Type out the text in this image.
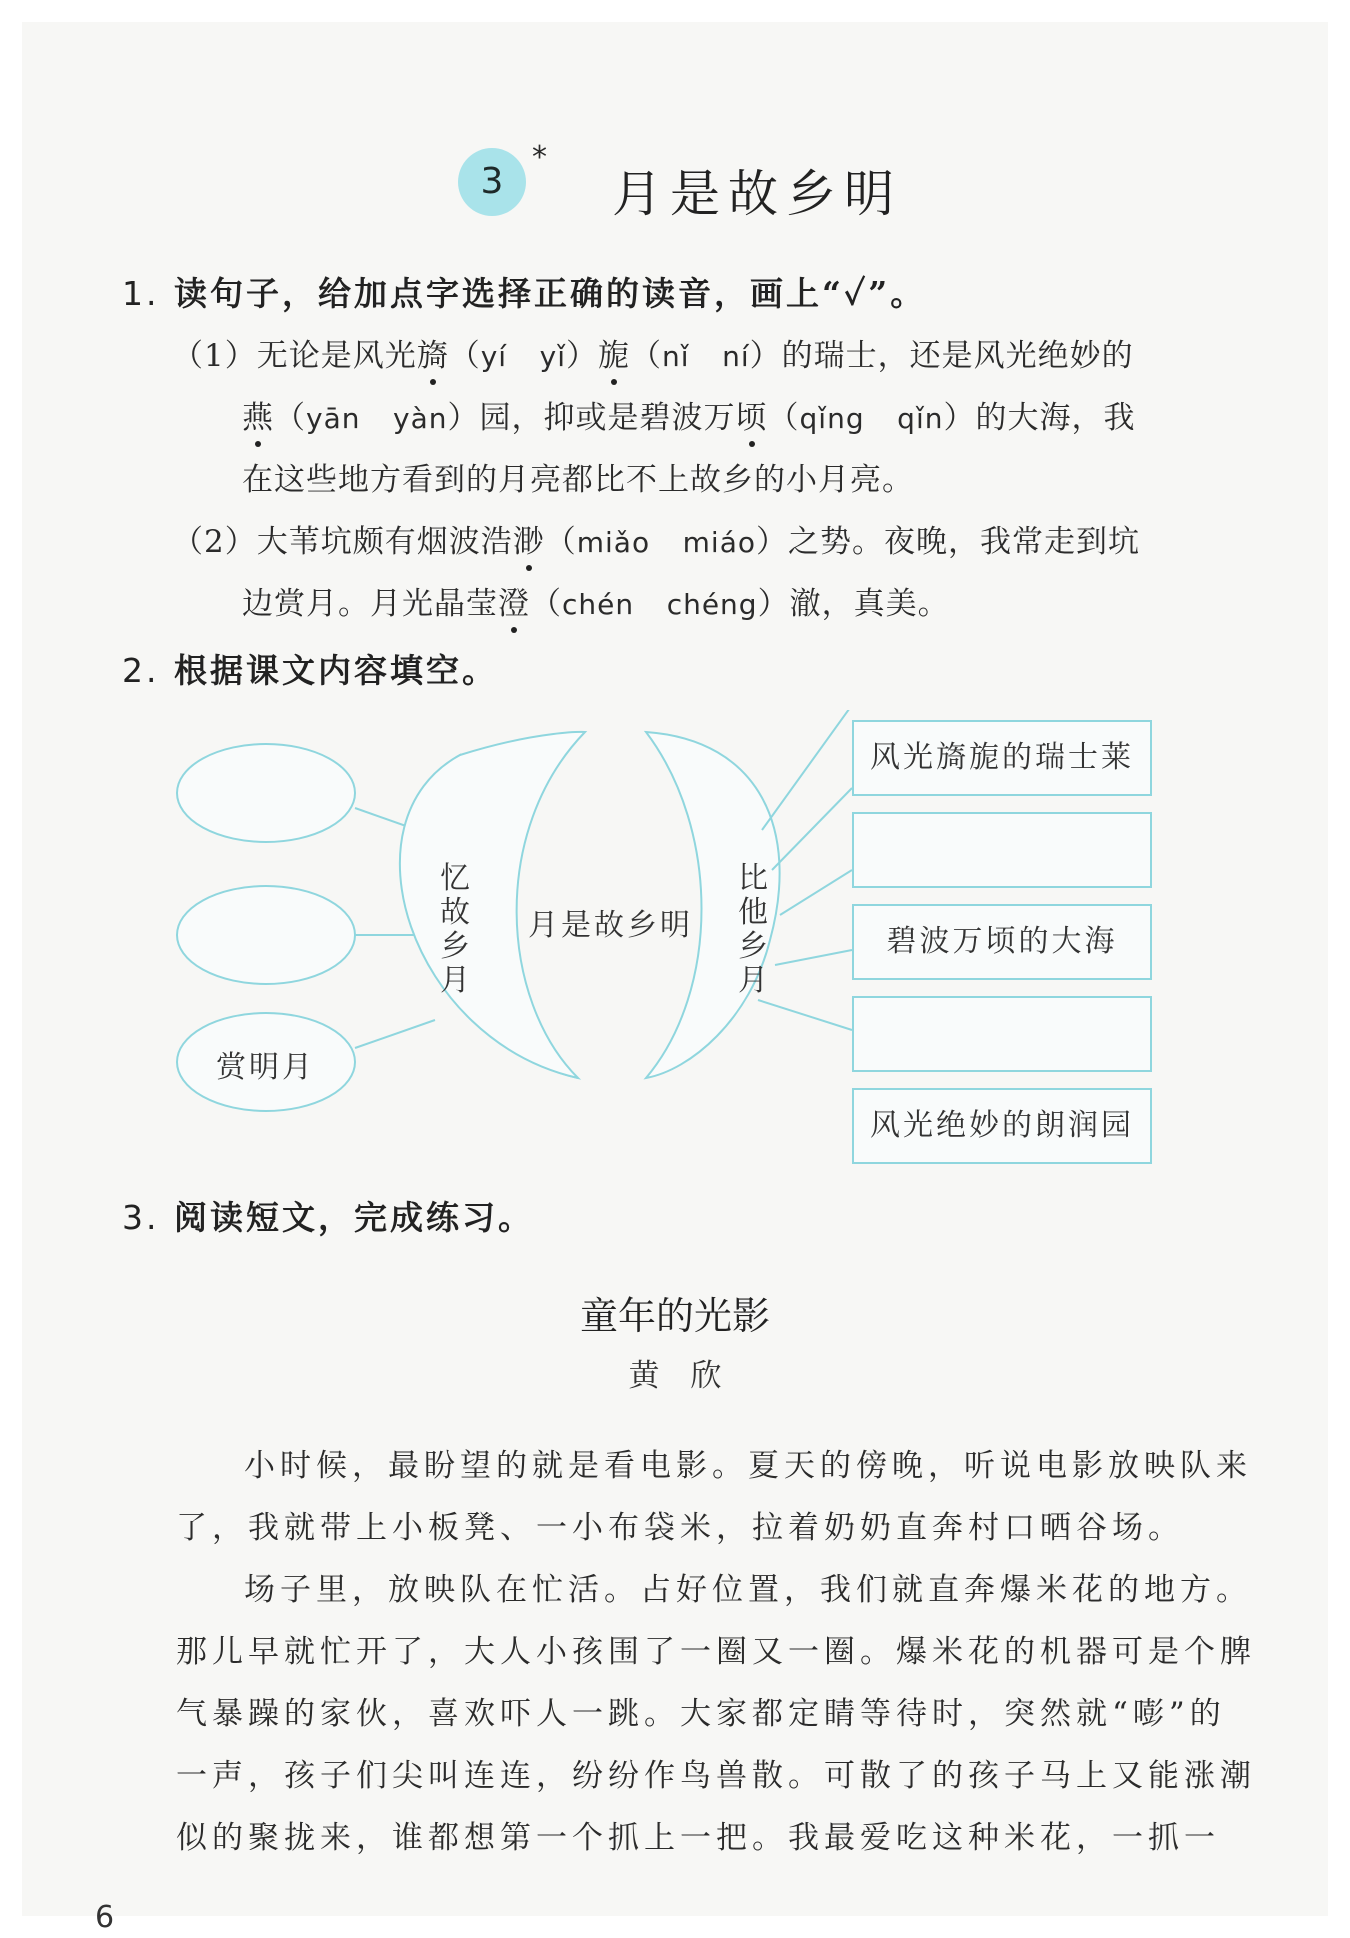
3
*
月是故乡明
1. 读句子，给加点字选择正确的读音，画上“✓”。
（1）无论是风光旖（yí yǐ）旎（nǐ ní）的瑞士，还是风光绝妙的
燕（yān yàn）园，抑或是碧波万顷（qǐng qǐn）的大海，我
在这些地方看到的月亮都比不上故乡的小月亮。
（2）大苇坑颇有烟波浩渺（miǎo miáo）之势。夜晚，我常走到坑
边赏月。月光晶莹澄（chén chéng）澈，真美。
2. 根据课文内容填空。
赏明月
忆
故
乡
月
月是故乡明
比
他
乡
月
风光旖旎的瑞士莱
碧波万顷的大海
风光绝妙的朗润园
3. 阅读短文，完成练习。
童年的光影
黄　欣
小时候，最盼望的就是看电影。夏天的傍晚，听说电影放映队来
了，我就带上小板凳、一小布袋米，拉着奶奶直奔村口晒谷场。
场子里，放映队在忙活。占好位置，我们就直奔爆米花的地方。
那儿早就忙开了，大人小孩围了一圈又一圈。爆米花的机器可是个脾
气暴躁的家伙，喜欢吓人一跳。大家都定睛等待时，突然就“嘭”的
一声，孩子们尖叫连连，纷纷作鸟兽散。可散了的孩子马上又能涨潮
似的聚拢来，谁都想第一个抓上一把。我最爱吃这种米花，一抓一
6
